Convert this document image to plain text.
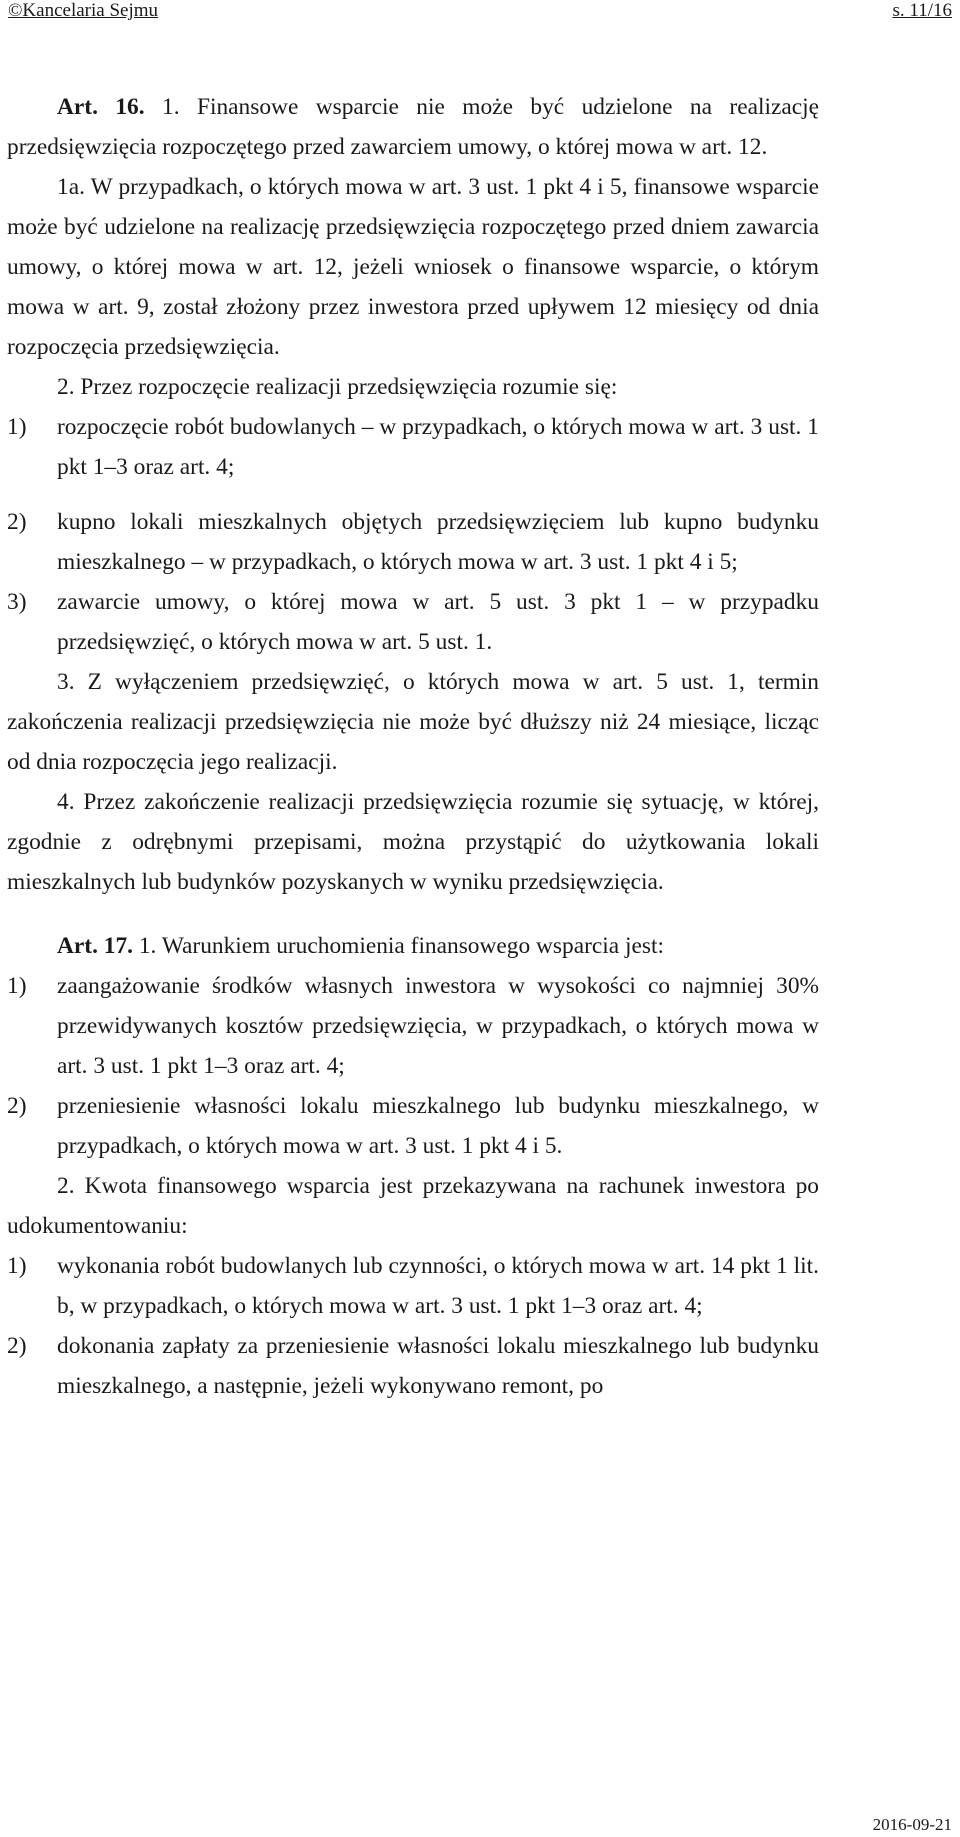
©Kancelaria Sejmu	s. 11/16

Art. 16. 1. Finansowe wsparcie nie może być udzielone na realizację przedsięwzięcia rozpoczętego przed zawarciem umowy, o której mowa w art. 12.

1a. W przypadkach, o których mowa w art. 3 ust. 1 pkt 4 i 5, finansowe wsparcie może być udzielone na realizację przedsięwzięcia rozpoczętego przed dniem zawarcia umowy, o której mowa w art. 12, jeżeli wniosek o finansowe wsparcie, o którym mowa w art. 9, został złożony przez inwestora przed upływem 12 miesięcy od dnia rozpoczęcia przedsięwzięcia.

2. Przez rozpoczęcie realizacji przedsięwzięcia rozumie się:

1)	rozpoczęcie robót budowlanych – w przypadkach, o których mowa w art. 3 ust. 1 pkt 1–3 oraz art. 4;
2)	kupno lokali mieszkalnych objętych przedsięwzięciem lub kupno budynku mieszkalnego – w przypadkach, o których mowa w art. 3 ust. 1 pkt 4 i 5;
3)	zawarcie umowy, o której mowa w art. 5 ust. 3 pkt 1 – w przypadku przedsięwzięć, o których mowa w art. 5 ust. 1.

3. Z wyłączeniem przedsięwzięć, o których mowa w art. 5 ust. 1, termin zakończenia realizacji przedsięwzięcia nie może być dłuższy niż 24 miesiące, licząc od dnia rozpoczęcia jego realizacji.

4. Przez zakończenie realizacji przedsięwzięcia rozumie się sytuację, w której, zgodnie z odrębnymi przepisami, można przystąpić do użytkowania lokali mieszkalnych lub budynków pozyskanych w wyniku przedsięwzięcia.

Art. 17. 1. Warunkiem uruchomienia finansowego wsparcia jest:

1)	zaangażowanie środków własnych inwestora w wysokości co najmniej 30% przewidywanych kosztów przedsięwzięcia, w przypadkach, o których mowa w art. 3 ust. 1 pkt 1–3 oraz art. 4;
2)	przeniesienie własności lokalu mieszkalnego lub budynku mieszkalnego, w przypadkach, o których mowa w art. 3 ust. 1 pkt 4 i 5.

2. Kwota finansowego wsparcia jest przekazywana na rachunek inwestora po udokumentowaniu:

1)	wykonania robót budowlanych lub czynności, o których mowa w art. 14 pkt 1 lit. b, w przypadkach, o których mowa w art. 3 ust. 1 pkt 1–3 oraz art. 4;
2)	dokonania zapłaty za przeniesienie własności lokalu mieszkalnego lub budynku mieszkalnego, a następnie, jeżeli wykonywano remont, po
2016-09-21
